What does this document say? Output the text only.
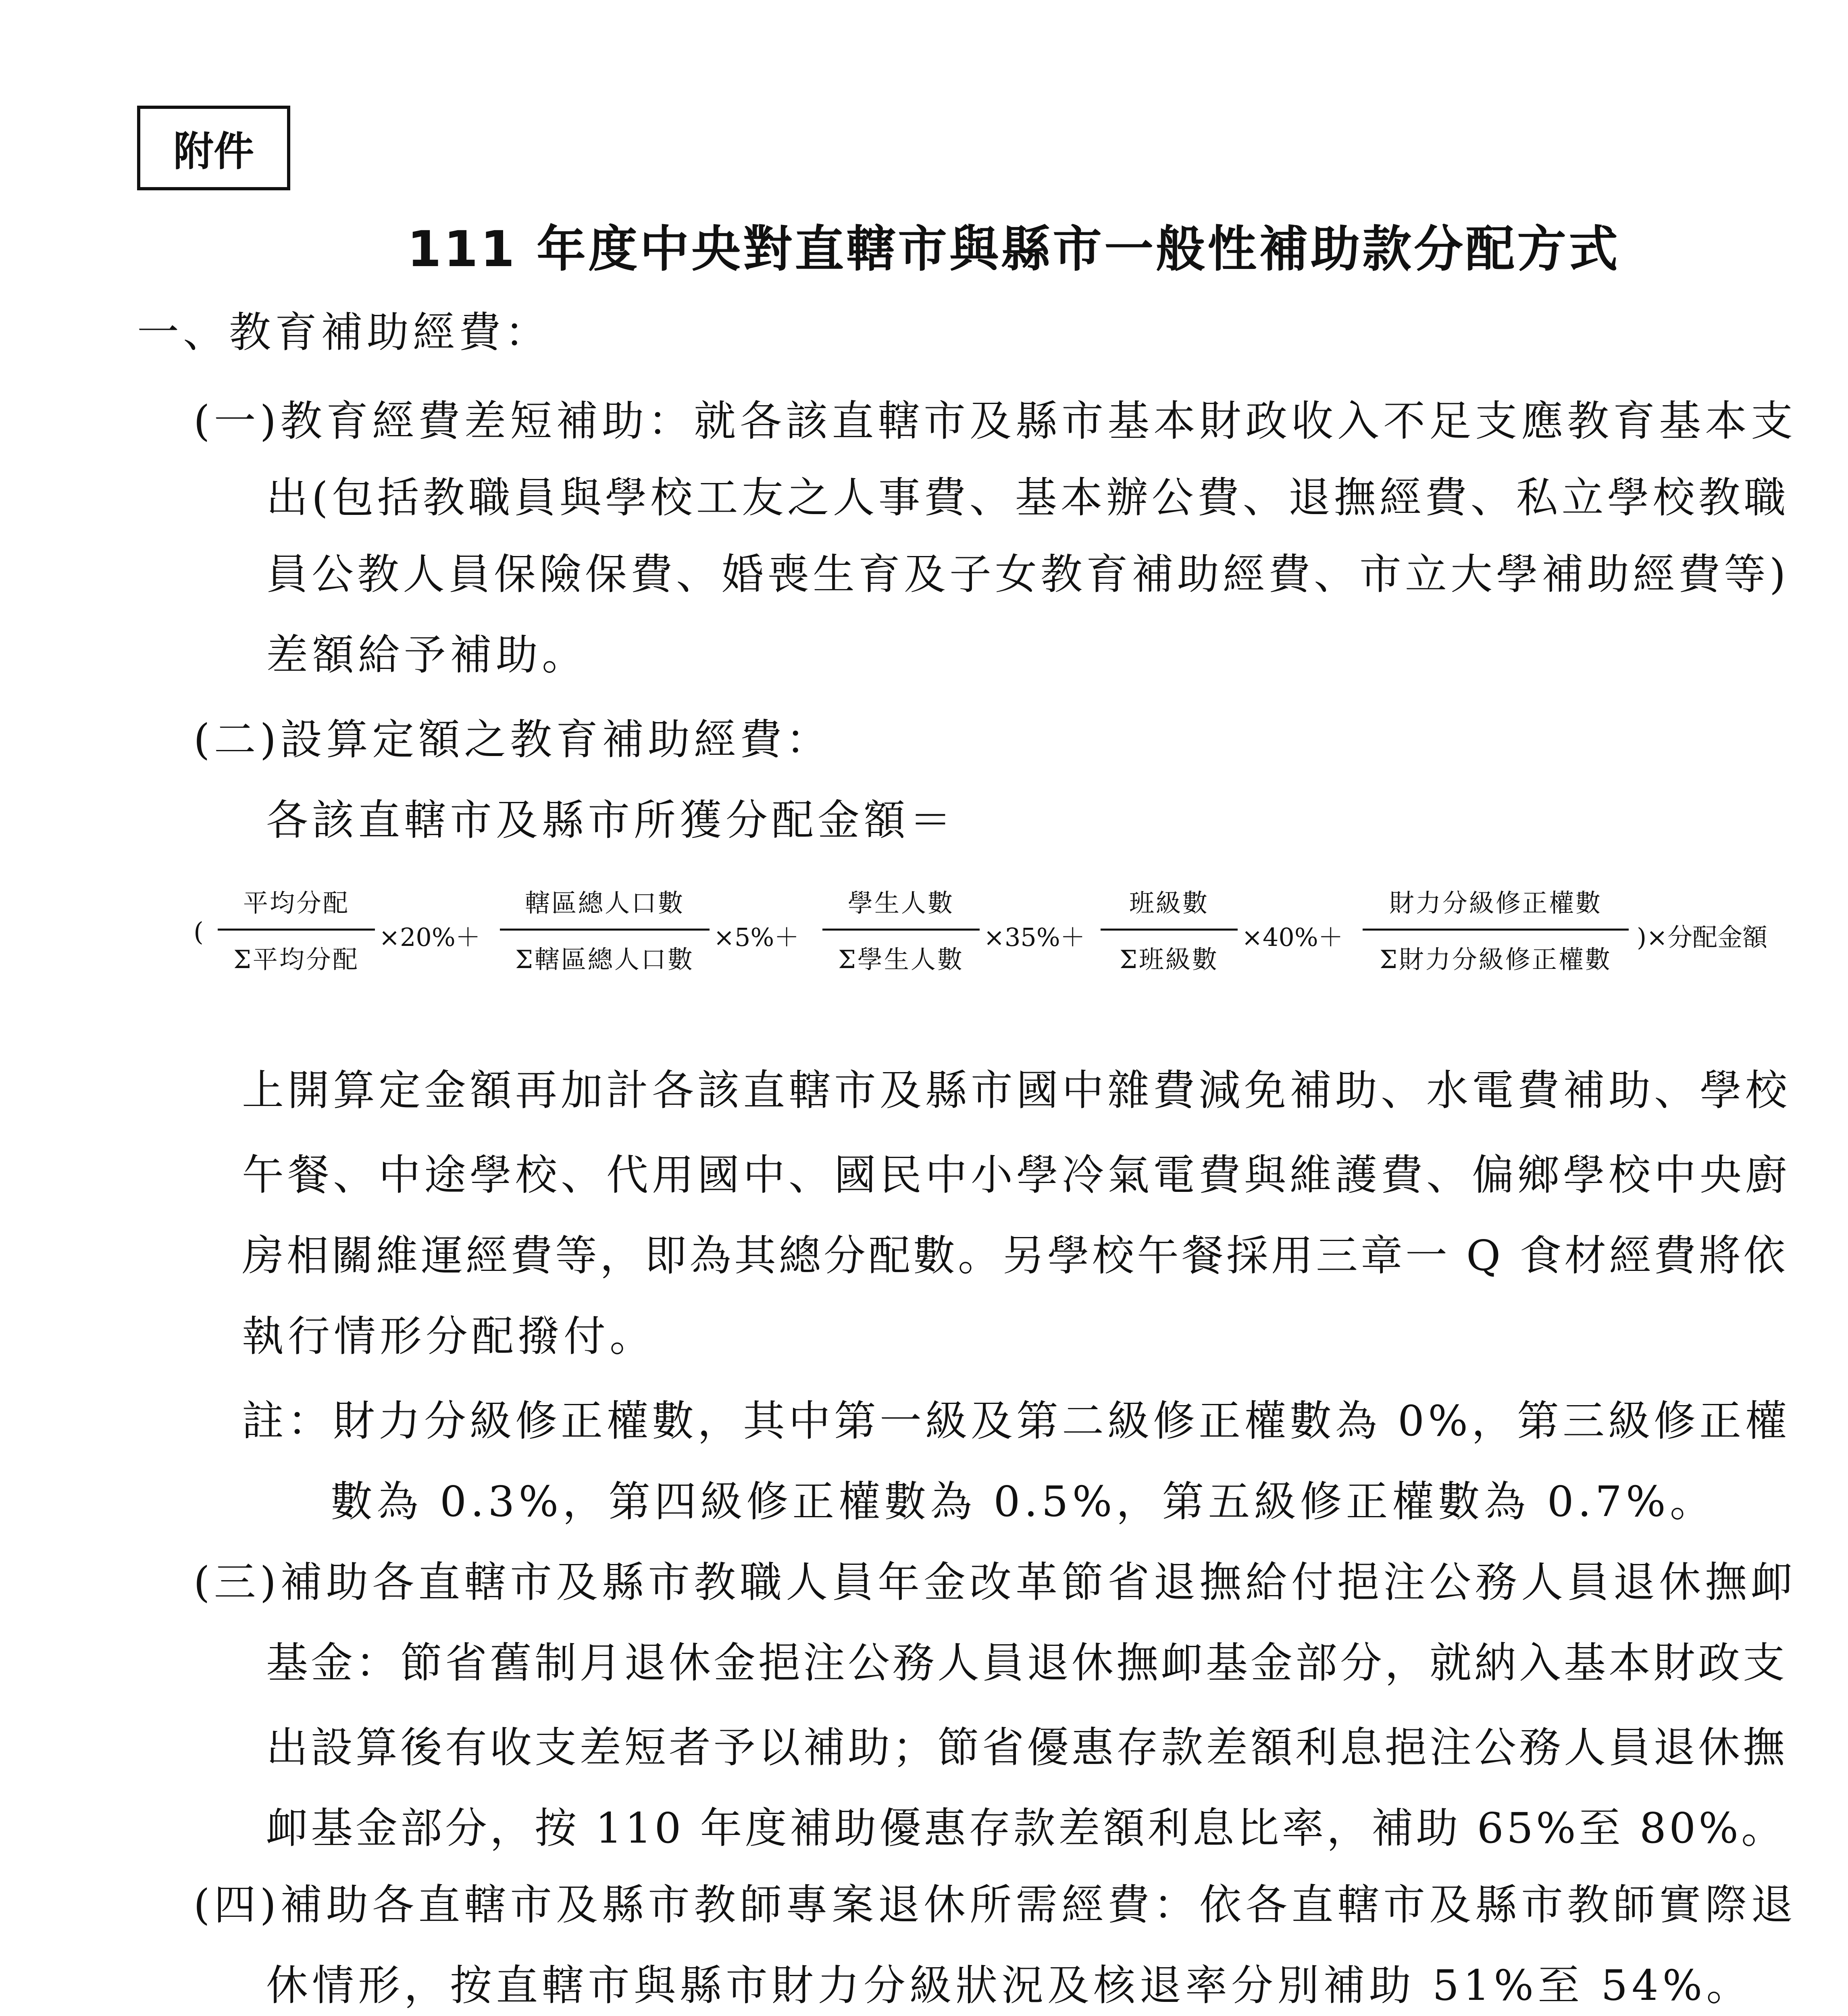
附件
111 年度中央對直轄市與縣市一般性補助款分配方式
一、教育補助經費：
(一)教育經費差短補助：就各該直轄市及縣市基本財政收入不足支應教育基本支
出(包括教職員與學校工友之人事費、基本辦公費、退撫經費、私立學校教職
員公教人員保險保費、婚喪生育及子女教育補助經費、市立大學補助經費等)
差額給予補助。
(二)設算定額之教育補助經費：
各該直轄市及縣市所獲分配金額＝
(
平均分配
Σ平均分配
×20%＋
轄區總人口數
Σ轄區總人口數
×5%＋
學生人數
Σ學生人數
×35%＋
班級數
Σ班級數
×40%＋
財力分級修正權數
Σ財力分級修正權數
)×分配金額
上開算定金額再加計各該直轄市及縣市國中雜費減免補助、水電費補助、學校
午餐、中途學校、代用國中、國民中小學冷氣電費與維護費、偏鄉學校中央廚
房相關維運經費等，即為其總分配數。另學校午餐採用三章一 Q 食材經費將依
執行情形分配撥付。
註：財力分級修正權數，其中第一級及第二級修正權數為 0%，第三級修正權
數為 0.3%，第四級修正權數為 0.5%，第五級修正權數為 0.7%。
(三)補助各直轄市及縣市教職人員年金改革節省退撫給付挹注公務人員退休撫卹
基金：節省舊制月退休金挹注公務人員退休撫卹基金部分，就納入基本財政支
出設算後有收支差短者予以補助；節省優惠存款差額利息挹注公務人員退休撫
卹基金部分，按 110 年度補助優惠存款差額利息比率，補助 65%至 80%。
(四)補助各直轄市及縣市教師專案退休所需經費：依各直轄市及縣市教師實際退
休情形，按直轄市與縣市財力分級狀況及核退率分別補助 51%至 54%。
